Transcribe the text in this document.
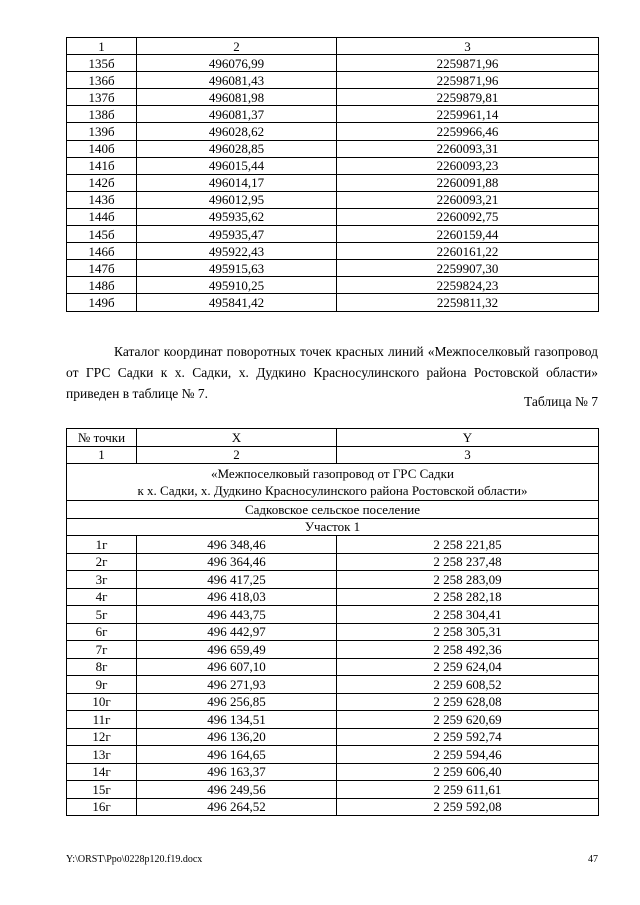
1	2	3
135б	496076,99	2259871,96
136б	496081,43	2259871,96
137б	496081,98	2259879,81
138б	496081,37	2259961,14
139б	496028,62	2259966,46
140б	496028,85	2260093,31
141б	496015,44	2260093,23
142б	496014,17	2260091,88
143б	496012,95	2260093,21
144б	495935,62	2260092,75
145б	495935,47	2260159,44
146б	495922,43	2260161,22
147б	495915,63	2259907,30
148б	495910,25	2259824,23
149б	495841,42	2259811,32
Каталог координат поворотных точек красных линий «Межпоселковый газопровод от ГРС Садки к х. Садки, х. Дудкино Красносулинского района Ростовской области» приведен в таблице № 7.
Таблица № 7
№ точки	X	Y
1	2	3
«Межпоселковый газопровод от ГРС Садки
к х. Садки, х. Дудкино Красносулинского района Ростовской области»		
Садковское сельское поселение		
Участок 1		
1г	496 348,46	2 258 221,85
2г	496 364,46	2 258 237,48
3г	496 417,25	2 258 283,09
4г	496 418,03	2 258 282,18
5г	496 443,75	2 258 304,41
6г	496 442,97	2 258 305,31
7г	496 659,49	2 258 492,36
8г	496 607,10	2 259 624,04
9г	496 271,93	2 259 608,52
10г	496 256,85	2 259 628,08
11г	496 134,51	2 259 620,69
12г	496 136,20	2 259 592,74
13г	496 164,65	2 259 594,46
14г	496 163,37	2 259 606,40
15г	496 249,56	2 259 611,61
16г	496 264,52	2 259 592,08
Y:\ORST\Ppo\0228p120.f19.docx	47
